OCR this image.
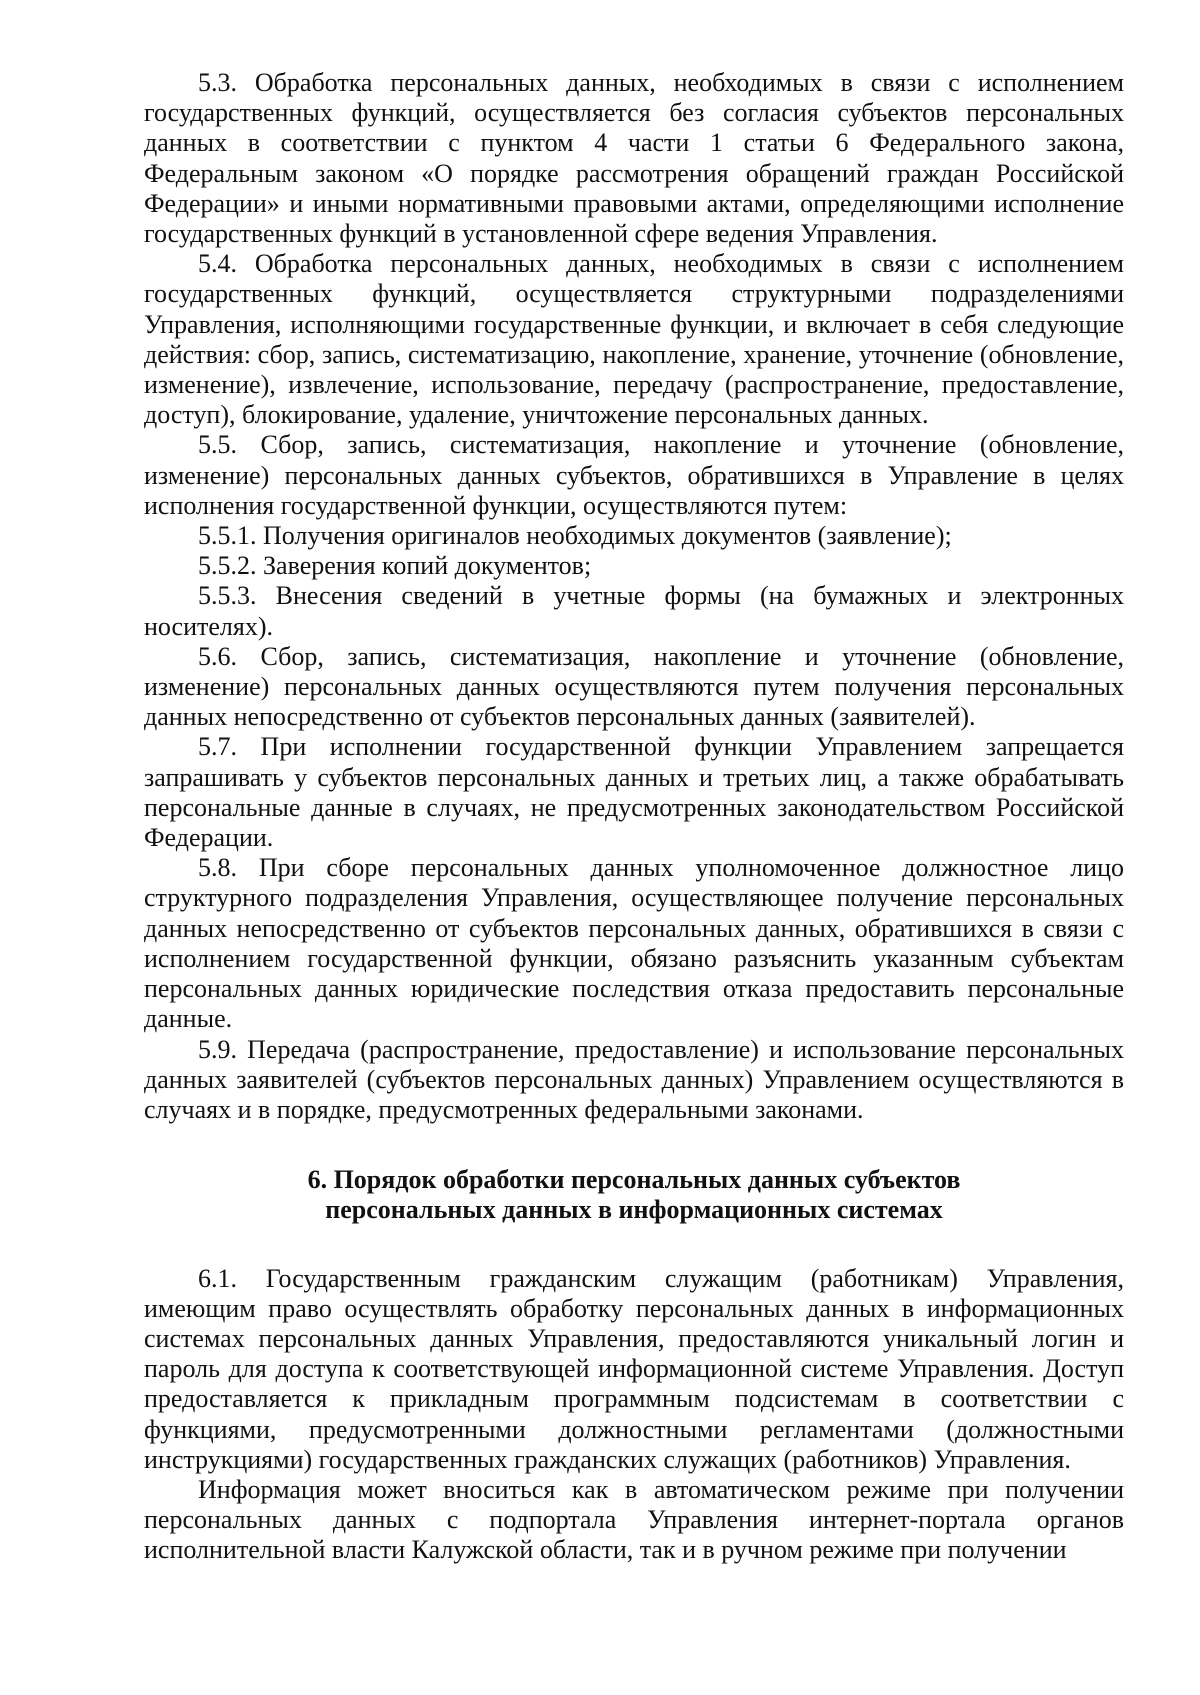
5.3. Обработка персональных данных, необходимых в связи с исполнением государственных функций, осуществляется без согласия субъектов персональных данных в соответствии с пунктом 4 части 1 статьи 6 Федерального закона, Федеральным законом «О порядке рассмотрения обращений граждан Российской Федерации» и иными нормативными правовыми актами, определяющими исполнение государственных функций в установленной сфере ведения Управления.

5.4. Обработка персональных данных, необходимых в связи с исполнением государственных функций, осуществляется структурными подразделениями Управления, исполняющими государственные функции, и включает в себя следующие действия: сбор, запись, систематизацию, накопление, хранение, уточнение (обновление, изменение), извлечение, использование, передачу (распространение, предоставление, доступ), блокирование, удаление, уничтожение персональных данных.

5.5. Сбор, запись, систематизация, накопление и уточнение (обновление, изменение) персональных данных субъектов, обратившихся в Управление в целях исполнения государственной функции, осуществляются путем:

5.5.1. Получения оригиналов необходимых документов (заявление);

5.5.2. Заверения копий документов;

5.5.3. Внесения сведений в учетные формы (на бумажных и электронных носителях).

5.6. Сбор, запись, систематизация, накопление и уточнение (обновление, изменение) персональных данных осуществляются путем получения персональных данных непосредственно от субъектов персональных данных (заявителей).

5.7. При исполнении государственной функции Управлением запрещается запрашивать у субъектов персональных данных и третьих лиц, а также обрабатывать персональные данные в случаях, не предусмотренных законодательством Российской Федерации.

5.8. При сборе персональных данных уполномоченное должностное лицо структурного подразделения Управления, осуществляющее получение персональных данных непосредственно от субъектов персональных данных, обратившихся в связи с исполнением государственной функции, обязано разъяснить указанным субъектам персональных данных юридические последствия отказа предоставить персональные данные.

5.9. Передача (распространение, предоставление) и использование персональных данных заявителей (субъектов персональных данных) Управлением осуществляются в случаях и в порядке, предусмотренных федеральными законами.

6. Порядок обработки персональных данных субъектов
персональных данных в информационных системах

6.1. Государственным гражданским служащим (работникам) Управления, имеющим право осуществлять обработку персональных данных в информационных системах персональных данных Управления, предоставляются уникальный логин и пароль для доступа к соответствующей информационной системе Управления. Доступ предоставляется к прикладным программным подсистемам в соответствии с функциями, предусмотренными должностными регламентами (должностными инструкциями) государственных гражданских служащих (работников) Управления.

Информация может вноситься как в автоматическом режиме при получении персональных данных с подпортала Управления интернет-портала органов исполнительной власти Калужской области, так и в ручном режиме при получении
